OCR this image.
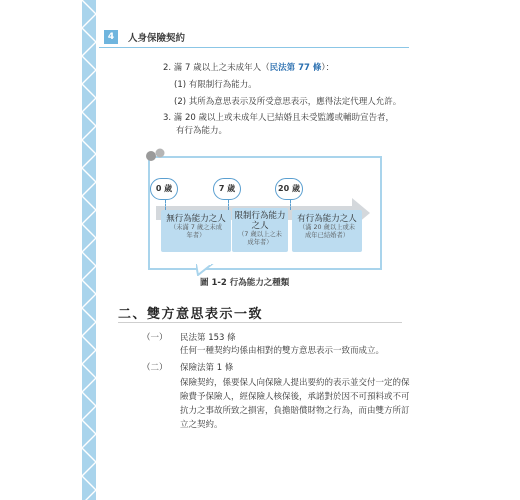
4	人身保險契約
2. 滿 7 歲以上之未成年人（民法第 77 條）：
(1) 有限制行為能力。
(2) 其所為意思表示及所受意思表示，應得法定代理人允許。
3. 滿 20 歲以上或未成年人已結婚且未受監護或輔助宣告者，
有行為能力。
0 歲	7 歲	20 歲
無行為能力之人
（未滿 7 歲之未成
年者）
限制行為能力之人
（7 歲以上之未
成年者）
有行為能力之人
（滿 20 歲以上或未
成年已結婚者）
圖 1-2 行為能力之種類
二、雙方意思表示一致
（一） 民法第 153 條
任何一種契約均係由相對的雙方意思表示一致而成立。
（二） 保險法第 1 條
保險契約，係要保人向保險人提出要約的表示並交付一定的保
險費予保險人，經保險人核保後，承諾對於因不可預料或不可
抗力之事故所致之損害，負擔賠償財物之行為，而由雙方所訂
立之契約。
